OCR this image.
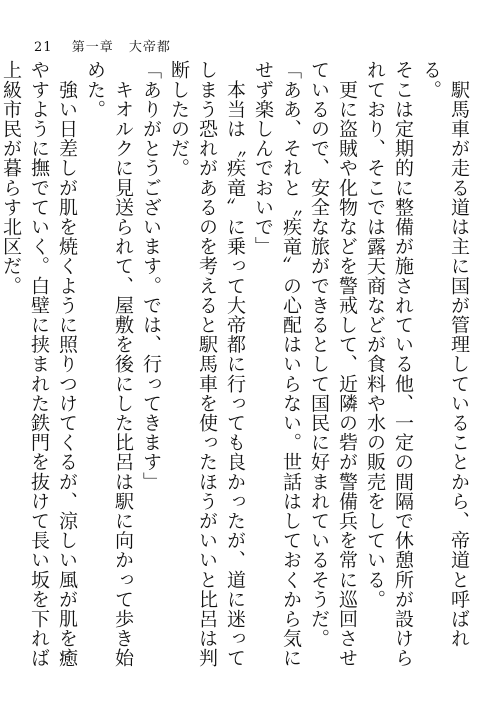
21 第一章 大帝都

　駅馬車が走る道は主に国が管理していることから、帝道と呼ばれる。

そこは定期的に整備が施されている他、一定の間隔で休憩所が設けられており、そこでは露天商などが食料や水の販売をしている。

　更に盗賊や化物などを警戒して、近隣の砦が警備兵を常に巡回させているので、安全な旅ができるとして国民に好まれているそうだ。

「ああ、それと〝疾竜〟の心配はいらない。世話はしておくから気にせず楽しんでおいで」

　本当は〝疾竜〟に乗って大帝都に行っても良かったが、道に迷ってしまう恐れがあるのを考えると駅馬車を使ったほうがいいと比呂は判断したのだ。

「ありがとうございます。では、行ってきます」

　キオルクに見送られて、屋敷を後にした比呂は駅に向かって歩き始めた。

　強い日差しが肌を焼くように照りつけてくるが、涼しい風が肌を癒やすように撫でていく。白壁に挟まれた鉄門を抜けて長い坂を下れば上級市民が暮らす北区だ。
